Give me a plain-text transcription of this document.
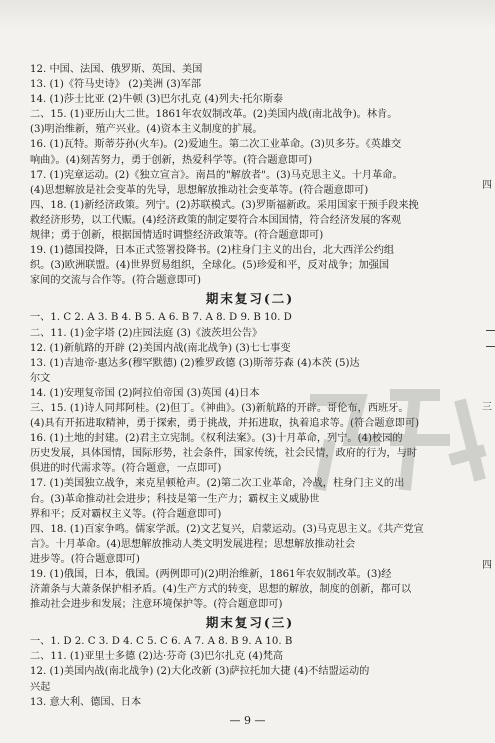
12. 中国、法国、俄罗斯、英国、美国
13. (1)《符马史诗》 (2)美洲 (3)军部
14. (1)莎士比亚 (2)牛顿 (3)巴尔扎克 (4)列夫·托尔斯泰
二、15. (1)亚历山大二世。1861年农奴制改革。(2)美国内战(南北战争)。林肯。
(3)明治维新，殖产兴业。(4)资本主义制度的扩展。
16. (1)瓦特。斯蒂芬孙(火车)。(2)爱迪生。第二次工业革命。(3)贝多芬。《英雄交
响曲》。(4)刻苦努力，勇于创新，热爱科学等。(符合题意即可)
17. (1)宪章运动。(2)《独立宣言》。南昌的"解放者"。(3)马克思主义。十月革命。
(4)思想解放是社会变革的先导，思想解放推动社会变革等。(符合题意即可)
四、18. (1)新经济政策。列宁。(2)苏联模式。(3)罗斯福新政。采用国家干预手段来挽
救经济形势，以工代赈。(4)经济政策的制定要符合本国国情，符合经济发展的客观
规律；勇于创新，根据国情适时调整经济政策等。(符合题意即可)
19. (1)德国投降，日本正式签署投降书。(2)柱身门主义的出台，北大西洋公约组
织。(3)欧洲联盟。(4)世界贸易组织，全球化。(5)珍爱和平，反对战争；加强国
家间的交流与合作等。(符合题意即可)
期末复习(二)
一、1. C 2. A 3. B 4. B 5. A 6. B 7. A 8. D 9. B 10. D
二、11. (1)金字塔 (2)庄园法庭 (3)《波茨坦公告》
12. (1)新航路的开辟 (2)美国内战(南北战争) (3)七七事变
13. (1)吉迪帝·惠达多(穆罕默德) (2)雅罗政德 (3)斯蒂芬森 (4)本茨 (5)达
尔文
14. (1)安理复帝国 (2)阿拉伯帝国 (3)英国 (4)日本
三、15. (1)诗人同邦阿桂。(2)但丁。《神曲》。(3)新航路的开辟。哥伦布，西班牙。
(4)具有开拓进取精神，勇于探索，勇于挑战，并拓进取，执着追求等。(符合题意即可)
16. (1)土地的封建。(2)君主立宪制。《权利法案》。(3)十月革命，列宁。(4)校园的
历史发展，具体国情，国际形势，社会条件，国家传统，社会民情，政府的行为，与时
俱进的时代需求等。(符合题意，一点即可)
17. (1)美国独立战争，来克星顿枪声。(2)第二次工业革命，冷战，柱身门主义的出
台。(3)革命推动社会进步；科技是第一生产力；霸权主义威胁世
界和平；反对霸权主义等。(符合题意即可)
四、18. (1)百家争鸣。儒家学派。(2)文艺复兴，启蒙运动。(3)马克思主义。《共产党宣
言》。十月革命。(4)思想解放推动人类文明发展进程；思想解放推动社会
进步等。(符合题意即可)
19. (1)俄国，日本，俄国。(两例即可)(2)明治维新，1861年农奴制改革。(3)经
济萧条与大萧条保护相矛盾。(4)生产方式的转变，思想的解放，制度的创新，都可以
推动社会进步和发展；注意环境保护等。(符合题意即可)
期末复习(三)
一、1. D 2. C 3. D 4. C 5. C 6. A 7. A 8. B 9. A 10. B
二、11. (1)亚里士多德 (2)达·芬奇 (3)巴尔扎克 (4)梵高
12. (1)美国内战(南北战争) (2)大化改新 (3)萨拉托加大捷 (4)不结盟运动的
兴起
13. 意大利、德国、日本
四
三
四
— 9 —
